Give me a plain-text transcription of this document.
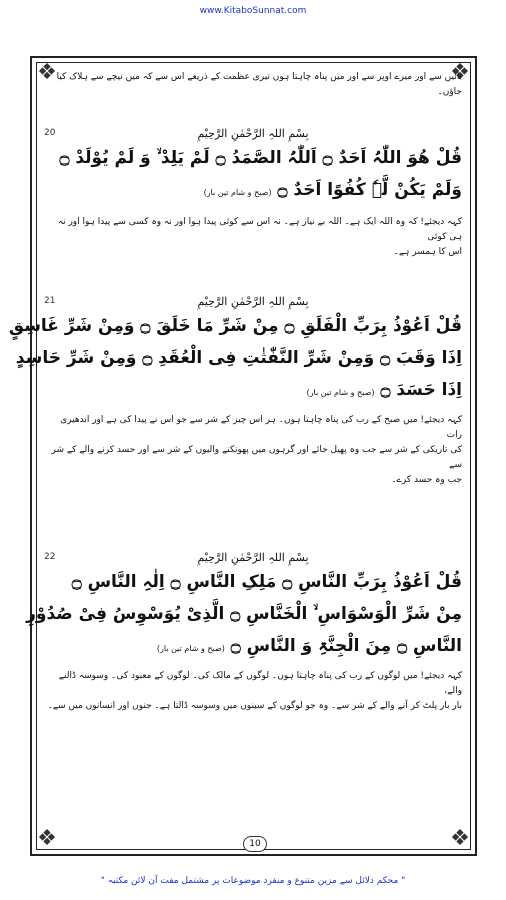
www.KitaboSunnat.com
❖	❖
❖	❖
بائیں سے اور میرے اوپر سے اور میں پناہ چاہتا ہوں تیری عظمت کے ذریعے اس سے کہ میں نیچے سے ہلاک کیا جاؤں۔
20	بِسْمِ اللہِ الرَّحْمٰنِ الرَّحِیْمِ
قُلْ ھُوَ اللّٰہُ اَحَدٌ ۝ اَللّٰہُ الصَّمَدُ ۝ لَمْ یَلِدْ ۙ وَ لَمْ یُوْلَدْ ۝
وَلَمْ یَکُنْ لَّہٗ کُفُوًا اَحَدٌ ۝ (صبح و شام تین بار)
کہہ دیجئے! کہ وہ اللہ ایک ہے۔ اللہ بے نیاز ہے۔ نہ اس سے کوئی پیدا ہوا اور نہ وہ کسی سے پیدا ہوا اور نہ ہی کوئی
اس کا ہمسر ہے۔
21	بِسْمِ اللہِ الرَّحْمٰنِ الرَّحِیْمِ
قُلْ اَعُوْذُ بِرَبِّ الْفَلَقِ ۝ مِنْ شَرِّ مَا خَلَقَ ۝ وَمِنْ شَرِّ غَاسِقٍ
اِذَا وَقَبَ ۝ وَمِنْ شَرِّ النَّفّٰثٰتِ فِی الْعُقَدِ ۝ وَمِنْ شَرِّ حَاسِدٍ
اِذَا حَسَدَ ۝ (صبح و شام تین بار)
کہہ دیجئے! میں صبح کے رب کی پناہ چاہتا ہوں۔ ہر اس چیز کے شر سے جو اس نے پیدا کی ہے اور اندھیری رات
کی تاریکی کے شر سے جب وہ پھیل جائے اور گرہوں میں پھونکنے والیوں کے شر سے اور حسد کرنے والے کے شر سے
جب وہ حسد کرے۔
22	بِسْمِ اللہِ الرَّحْمٰنِ الرَّحِیْمِ
قُلْ اَعُوْذُ بِرَبِّ النَّاسِ ۝ مَلِکِ النَّاسِ ۝ اِلٰہِ النَّاسِ ۝
مِنْ شَرِّ الْوَسْوَاسِ ۙ الْخَنَّاسِ ۝ الَّذِیْ یُوَسْوِسُ فِیْ صُدُوْرِ
النَّاسِ ۝ مِنَ الْجِنَّۃِ وَ النَّاسِ ۝ (صبح و شام تین بار)
کہہ دیجئے! میں لوگوں کے رب کی پناہ چاہتا ہوں۔ لوگوں کے مالک کی۔ لوگوں کے معبود کی۔ وسوسہ ڈالنے والے،
بار بار پلٹ کر آنے والے کے شر سے۔ وہ جو لوگوں کے سینوں میں وسوسہ ڈالتا ہے۔ جنوں اور انسانوں میں سے۔
10
" محکم دلائل سے مزین متنوع و منفرد موضوعات پر مشتمل مفت آن لائن مکتبہ "
